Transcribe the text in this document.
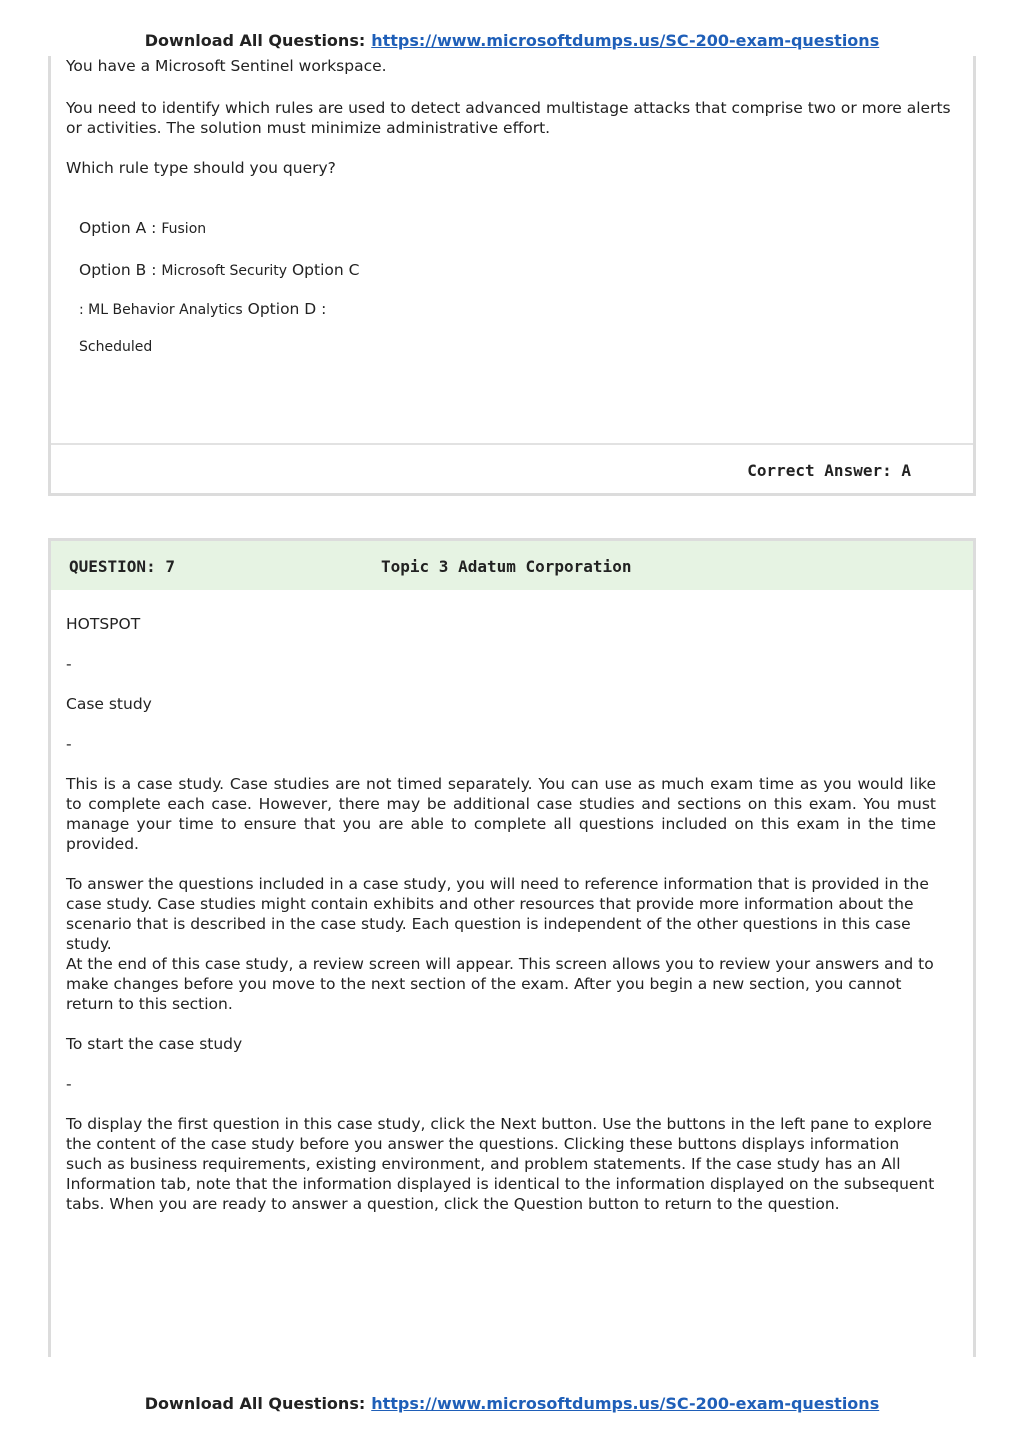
Download All Questions: https://www.microsoftdumps.us/SC-200-exam-questions
You have a Microsoft Sentinel workspace.
You need to identify which rules are used to detect advanced multistage attacks that comprise two or more alerts or activities. The solution must minimize administrative effort.
Which rule type should you query?
Option A : Fusion
Option B : Microsoft Security Option C
: ML Behavior Analytics Option D :
Scheduled
Correct Answer: A
QUESTION: 7	Topic 3 Adatum Corporation
HOTSPOT
-
Case study
-
This is a case study. Case studies are not timed separately. You can use as much exam time as you would like to complete each case. However, there may be additional case studies and sections on this exam. You must manage your time to ensure that you are able to complete all questions included on this exam in the time provided.
To answer the questions included in a case study, you will need to reference information that is provided in the case study. Case studies might contain exhibits and other resources that provide more information about the scenario that is described in the case study. Each question is independent of the other questions in this case study.
At the end of this case study, a review screen will appear. This screen allows you to review your answers and to make changes before you move to the next section of the exam. After you begin a new section, you cannot return to this section.
To start the case study
-
To display the first question in this case study, click the Next button. Use the buttons in the left pane to explore the content of the case study before you answer the questions. Clicking these buttons displays information such as business requirements, existing environment, and problem statements. If the case study has an All Information tab, note that the information displayed is identical to the information displayed on the subsequent tabs. When you are ready to answer a question, click the Question button to return to the question.
Download All Questions: https://www.microsoftdumps.us/SC-200-exam-questions
